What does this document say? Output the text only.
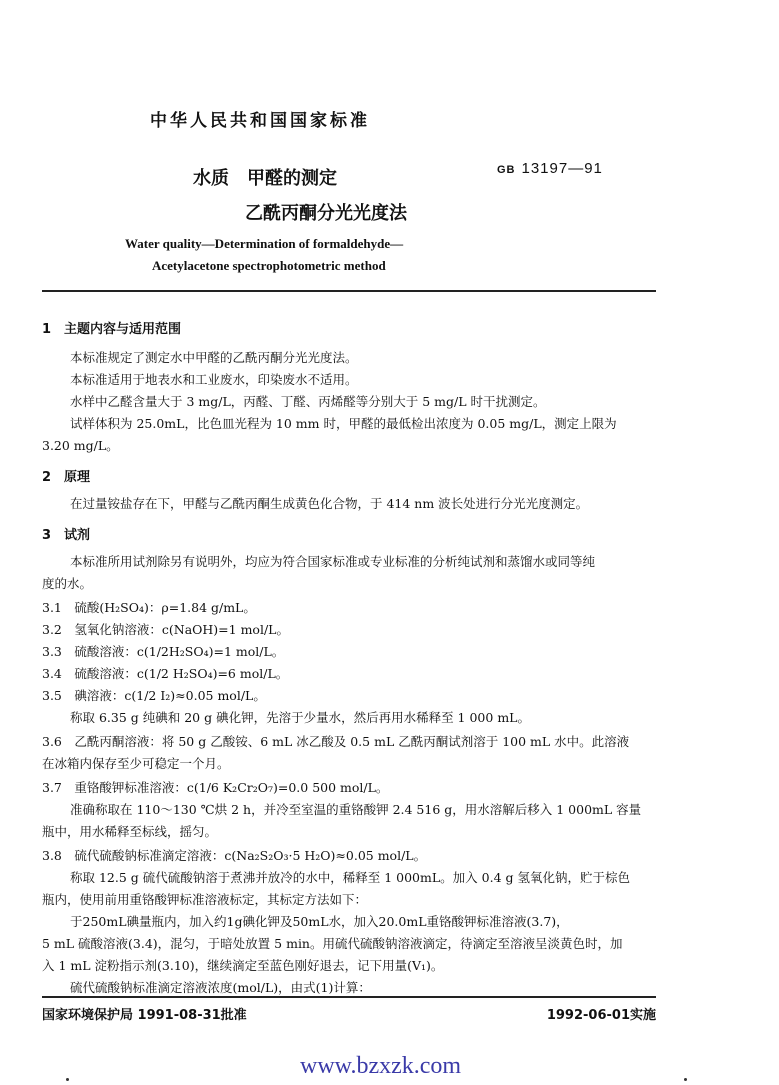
中华人民共和国国家标准
水质　甲醛的测定
乙酰丙酮分光光度法
GB 13197—91
Water quality—Determination of formaldehyde—
Acetylacetone spectrophotometric method
1　主题内容与适用范围
本标准规定了测定水中甲醛的乙酰丙酮分光光度法。
本标准适用于地表水和工业废水，印染废水不适用。
水样中乙醛含量大于 3 mg/L，丙醛、丁醛、丙烯醛等分别大于 5 mg/L 时干扰测定。
试样体积为 25.0mL，比色皿光程为 10 mm 时，甲醛的最低检出浓度为 0.05 mg/L，测定上限为
3.20 mg/L。
2　原理
在过量铵盐存在下，甲醛与乙酰丙酮生成黄色化合物，于 414 nm 波长处进行分光光度测定。
3　试剂
本标准所用试剂除另有说明外，均应为符合国家标准或专业标准的分析纯试剂和蒸馏水或同等纯
度的水。
3.1　硫酸(H₂SO₄)：ρ=1.84 g/mL。
3.2　氢氧化钠溶液：c(NaOH)=1 mol/L。
3.3　硫酸溶液：c(1/2H₂SO₄)=1 mol/L。
3.4　硫酸溶液：c(1/2 H₂SO₄)=6 mol/L。
3.5　碘溶液：c(1/2 I₂)≈0.05 mol/L。
称取 6.35 g 纯碘和 20 g 碘化钾，先溶于少量水，然后再用水稀释至 1 000 mL。
3.6　乙酰丙酮溶液：将 50 g 乙酸铵、6 mL 冰乙酸及 0.5 mL 乙酰丙酮试剂溶于 100 mL 水中。此溶液
在冰箱内保存至少可稳定一个月。
3.7　重铬酸钾标准溶液：c(1/6 K₂Cr₂O₇)=0.0 500 mol/L。
准确称取在 110～130 ℃烘 2 h，并冷至室温的重铬酸钾 2.4 516 g，用水溶解后移入 1 000mL 容量
瓶中，用水稀释至标线，摇匀。
3.8　硫代硫酸钠标准滴定溶液：c(Na₂S₂O₃·5 H₂O)≈0.05 mol/L。
称取 12.5 g 硫代硫酸钠溶于煮沸并放冷的水中，稀释至 1 000mL。加入 0.4 g 氢氧化钠，贮于棕色
瓶内，使用前用重铬酸钾标准溶液标定，其标定方法如下：
于250mL碘量瓶内，加入约1g碘化钾及50mL水，加入20.0mL重铬酸钾标准溶液(3.7)，
5 mL 硫酸溶液(3.4)，混匀，于暗处放置 5 min。用硫代硫酸钠溶液滴定，待滴定至溶液呈淡黄色时，加
入 1 mL 淀粉指示剂(3.10)，继续滴定至蓝色刚好退去，记下用量(V₁)。
硫代硫酸钠标准滴定溶液浓度(mol/L)，由式(1)计算：
国家环境保护局 1991-08-31批准	1992-06-01实施
www.bzxzk.com
